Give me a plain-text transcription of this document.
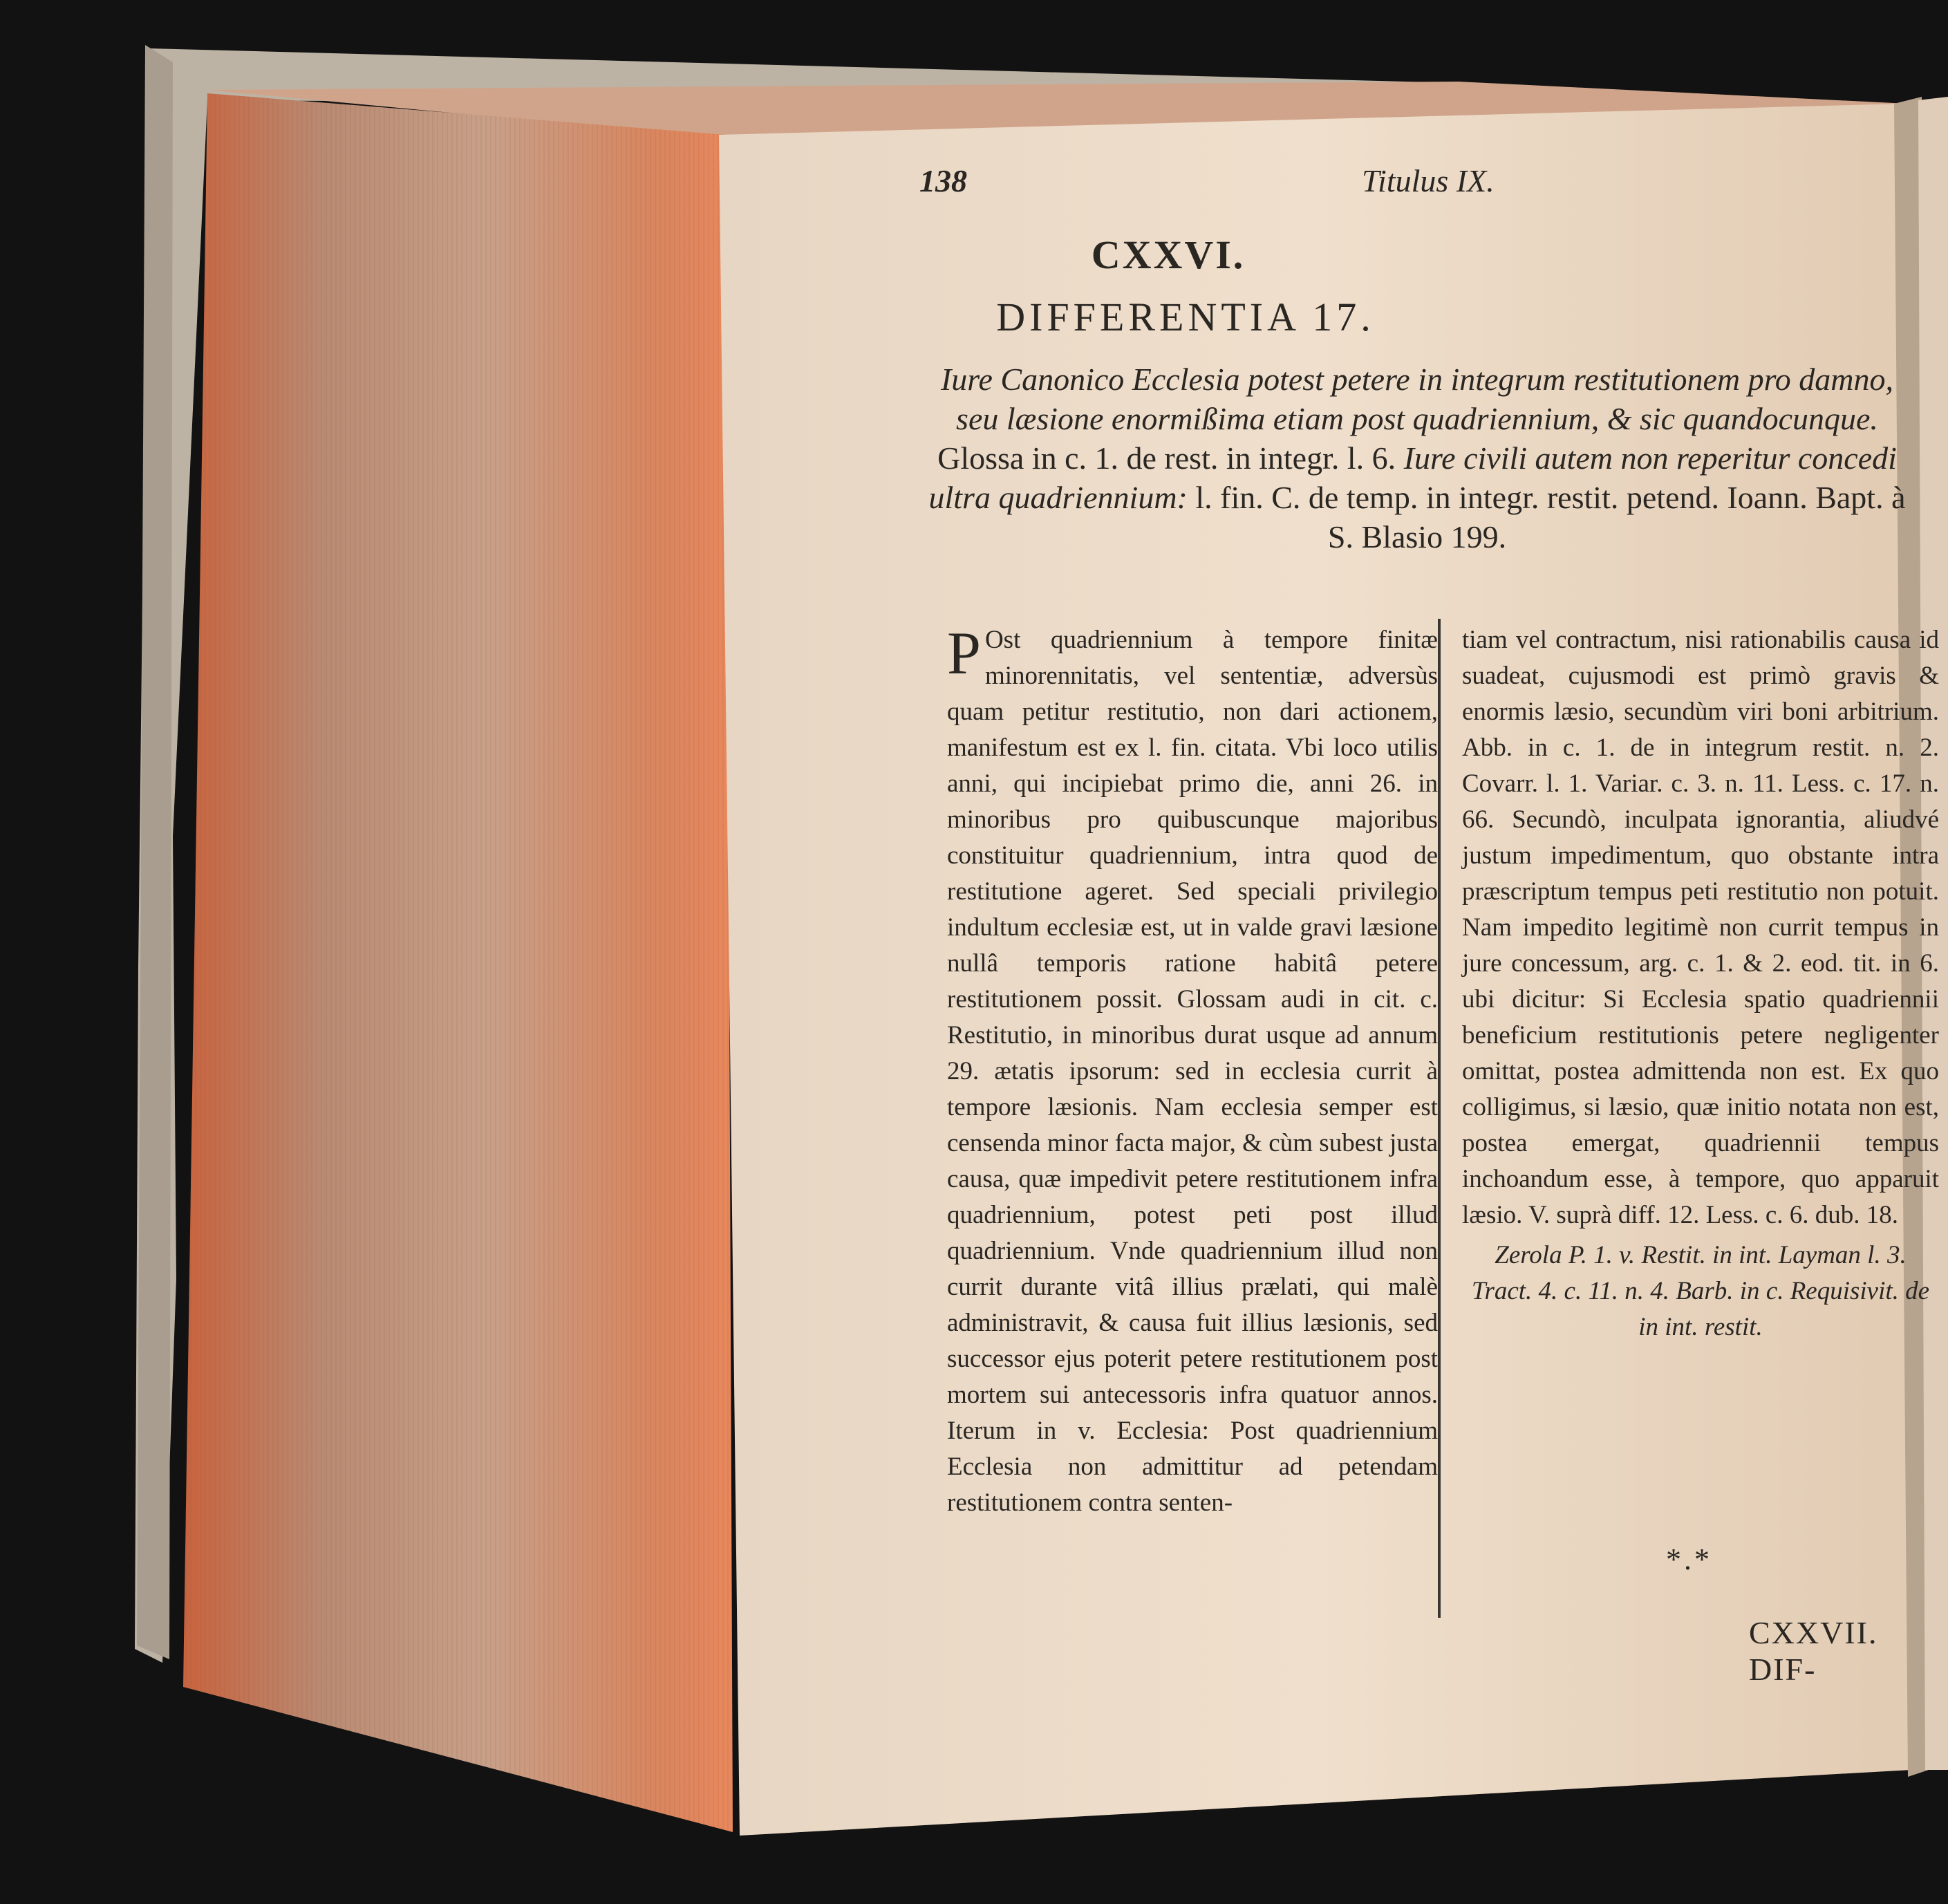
138	Titulus IX.
CXXVI.
DIFFERENTIA 17.
Iure Canonico Ecclesia potest petere in integrum restitutionem pro damno, seu læsione enormißima etiam post quadriennium, & sic quandocunque. Glossa in c. 1. de rest. in integr. l. 6. Iure civili autem non reperitur concedi ultra quadriennium: l. fin. C. de temp. in integr. restit. petend. Ioann. Bapt. à S. Blasio 199.

P Ost quadriennium à tempore finitæ minorennitatis, vel sententiæ, adversùs quam petitur restitutio, non dari actionem, manifestum est ex l. fin. citata. Vbi loco utilis anni, qui incipiebat primo die, anni 26. in minoribus pro quibuscunque majoribus constituitur quadriennium, intra quod de restitutione ageret. Sed speciali privilegio indultum ecclesiæ est, ut in valde gravi læsione nullâ temporis ratione habitâ petere restitutionem possit. Glossam audi in cit. c. Restitutio, in minoribus durat usque ad annum 29. ætatis ipsorum: sed in ecclesia currit à tempore læsionis. Nam ecclesia semper est censenda minor facta major, & cùm subest justa causa, quæ impedivit petere restitutionem infra quadriennium, potest peti post illud quadriennium. Vnde quadriennium illud non currit durante vitâ illius prælati, qui malè administravit, & causa fuit illius læsionis, sed successor ejus poterit petere restitutionem post mortem sui antecessoris infra quatuor annos. Iterum in v. Ecclesia: Post quadriennium Ecclesia non admittitur ad petendam restitutionem contra senten-

tiam vel contractum, nisi rationabilis causa id suadeat, cujusmodi est primò gravis & enormis læsio, secundùm viri boni arbitrium. Abb. in c. 1. de in integrum restit. n. 2. Covarr. l. 1. Variar. c. 3. n. 11. Less. c. 17. n. 66. Secundò, inculpata ignorantia, aliudvé justum impedimentum, quo obstante intra præscriptum tempus peti restitutio non potuit. Nam impedito legitimè non currit tempus in jure concessum, arg. c. 1. & 2. eod. tit. in 6. ubi dicitur: Si Ecclesia spatio quadriennii beneficium restitutionis petere negligenter omittat, postea admittenda non est. Ex quo colligimus, si læsio, quæ initio notata non est, postea emergat, quadriennii tempus inchoandum esse, à tempore, quo apparuit læsio. V. suprà diff. 12. Less. c. 6. dub. 18.

Zerola P. 1. v. Restit. in int. Layman l. 3. Tract. 4. c. 11. n. 4. Barb. in c. Requisivit. de in int. restit.

*.*
CXXVII. DIF-
